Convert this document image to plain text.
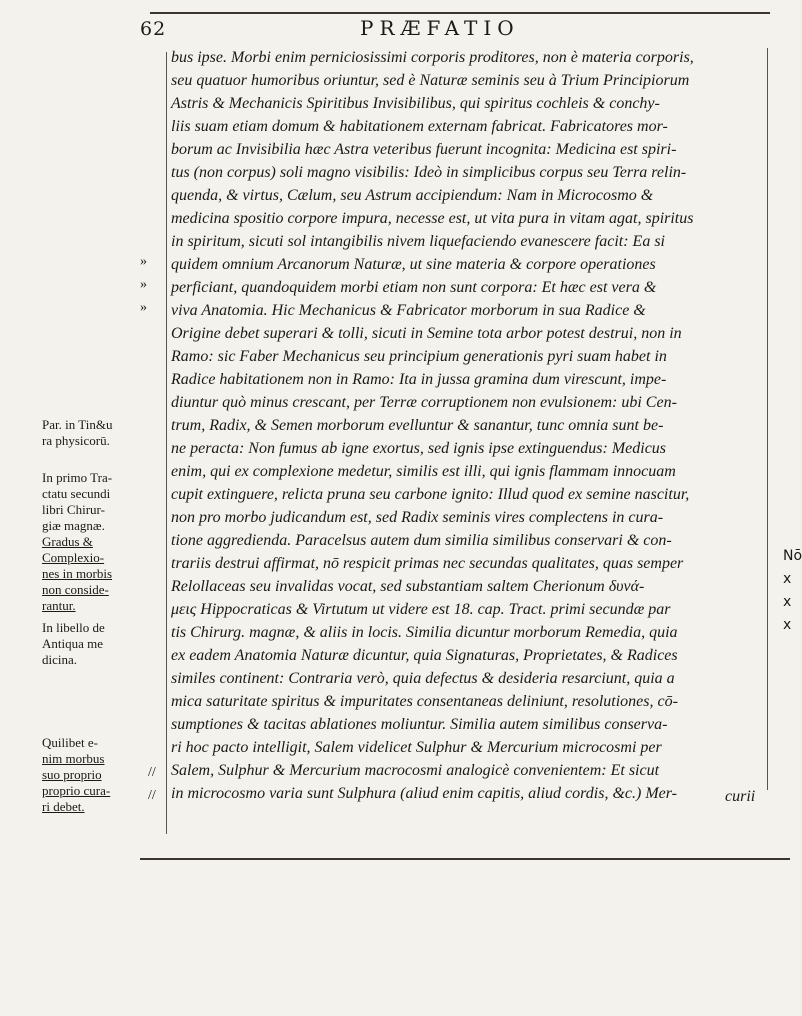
62	PRÆFATIO
bus ipse. Morbi enim perniciosissimi corporis proditores, non è materia corporis,
seu quatuor humoribus oriuntur, sed è Naturæ seminis seu à Trium Principiorum
Astris & Mechanicis Spiritibus Invisibilibus, qui spiritus cochleis & conchy-
liis suam etiam domum & habitationem externam fabricat. Fabricatores mor-
borum ac Invisibilia hæc Astra veteribus fuerunt incognita: Medicina est spiri-
tus (non corpus) soli magno visibilis: Ideò in simplicibus corpus seu Terra relin-
quenda, & virtus, Cælum, seu Astrum accipiendum: Nam in Microcosmo &
medicina spositio corpore impura, necesse est, ut vita pura in vitam agat, spiritus
in spiritum, sicuti sol intangibilis nivem liquefaciendo evanescere facit: Ea si
quidem omnium Arcanorum Naturæ, ut sine materia & corpore operationes
perficiant, quandoquidem morbi etiam non sunt corpora: Et hæc est vera &
viva Anatomia. Hic Mechanicus & Fabricator morborum in sua Radice &
Origine debet superari & tolli, sicuti in Semine tota arbor potest destrui, non in
Ramo: sic Faber Mechanicus seu principium generationis pyri suam habet in
Radice habitationem non in Ramo: Ita in jussa gramina dum virescunt, impe-
diuntur quò minus crescant, per Terræ corruptionem non evulsionem: ubi Cen-
trum, Radix, & Semen morborum evelluntur & sanantur, tunc omnia sunt be-
ne peracta: Non fumus ab igne exortus, sed ignis ipse extinguendus: Medicus
enim, qui ex complexione medetur, similis est illi, qui ignis flammam innocuam
cupit extinguere, relicta pruna seu carbone ignito: Illud quod ex semine nascitur,
non pro morbo judicandum est, sed Radix seminis vires complectens in cura-
tione aggredienda. Paracelsus autem dum similia similibus conservari & con-
trariis destrui affirmat, nō respicit primas nec secundas qualitates, quas semper
Relollaceas seu invalidas vocat, sed substantiam saltem Cherionum δυνά-
μεις Hippocraticas & Virtutum ut videre est 18. cap. Tract. primi secundæ par
tis Chirurg. magnæ, & aliis in locis. Similia dicuntur morborum Remedia, quia
ex eadem Anatomia Naturæ dicuntur, quia Signaturas, Proprietates, & Radices
similes continent: Contraria verò, quia defectus & desideria resarciunt, quia a
mica saturitate spiritus & impuritates consentaneas deliniunt, resolutiones, cō-
sumptiones & tacitas ablationes moliuntur. Similia autem similibus conserva-
ri hoc pacto intelligit, Salem videlicet Sulphur & Mercurium microcosmi per
Salem, Sulphur & Mercurium macrocosmi analogicè convenientem: Et sicut
in microcosmo varia sunt Sulphura (aliud enim capitis, aliud cordis, &c.) Mer-	curii
Par. in Tin&u
ra physicorū.
In primo Tra-
ctatu secundi
libri Chirur-
giæ magnæ.
Gradus &
Complexio-
nes in morbis
non conside-
rantur.
In libello de
Antiqua me
dicina.
Quilibet e-
nim morbus
suo proprio
proprio cura-
ri debet.
»
»
»
//
//
Nō
x
x
x
